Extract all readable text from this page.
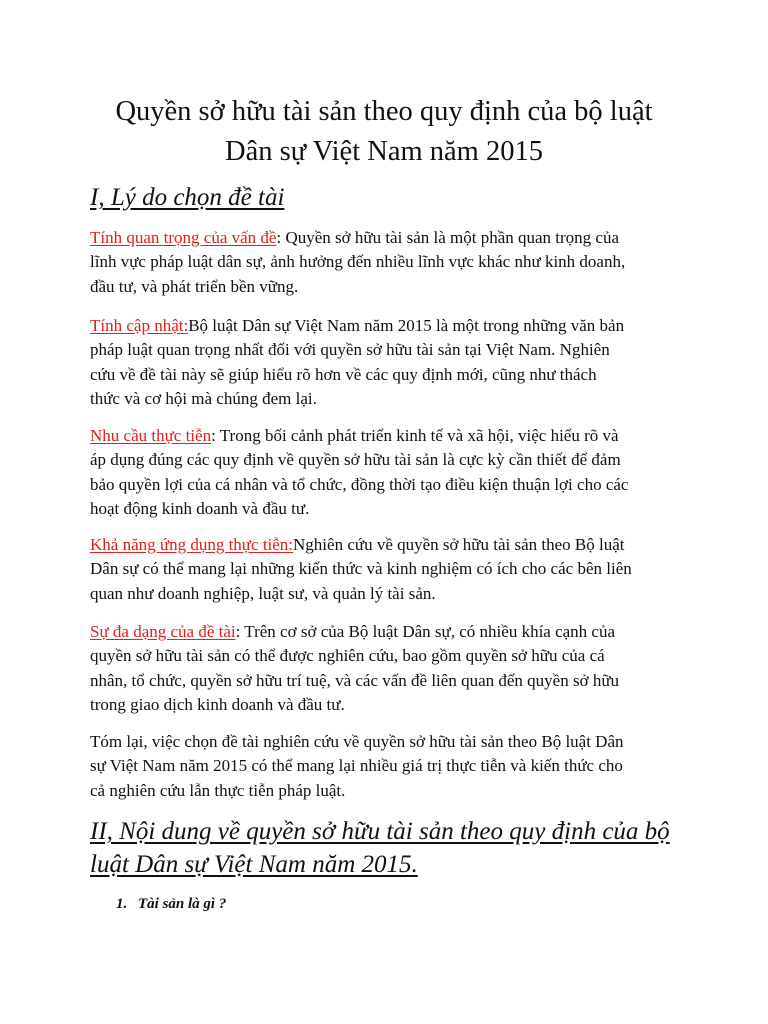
Quyền sở hữu tài sản theo quy định của bộ luật
Dân sự Việt Nam năm 2015
I, Lý do chọn đề tài
Tính quan trọng của vấn đề: Quyền sở hữu tài sản là một phần quan trọng của
lĩnh vực pháp luật dân sự, ảnh hưởng đến nhiều lĩnh vực khác như kinh doanh,
đầu tư, và phát triển bền vững.
Tính cập nhật:Bộ luật Dân sự Việt Nam năm 2015 là một trong những văn bản
pháp luật quan trọng nhất đối với quyền sở hữu tài sản tại Việt Nam. Nghiên
cứu về đề tài này sẽ giúp hiểu rõ hơn về các quy định mới, cũng như thách
thức và cơ hội mà chúng đem lại.
Nhu cầu thực tiễn: Trong bối cảnh phát triển kinh tế và xã hội, việc hiểu rõ và
áp dụng đúng các quy định về quyền sở hữu tài sản là cực kỳ cần thiết để đảm
bảo quyền lợi của cá nhân và tổ chức, đồng thời tạo điều kiện thuận lợi cho các
hoạt động kinh doanh và đầu tư.
Khả năng ứng dụng thực tiễn:Nghiên cứu về quyền sở hữu tài sản theo Bộ luật
Dân sự có thể mang lại những kiến thức và kinh nghiệm có ích cho các bên liên
quan như doanh nghiệp, luật sư, và quản lý tài sản.
Sự đa dạng của đề tài: Trên cơ sở của Bộ luật Dân sự, có nhiều khía cạnh của
quyền sở hữu tài sản có thể được nghiên cứu, bao gồm quyền sở hữu của cá
nhân, tổ chức, quyền sở hữu trí tuệ, và các vấn đề liên quan đến quyền sở hữu
trong giao dịch kinh doanh và đầu tư.
Tóm lại, việc chọn đề tài nghiên cứu về quyền sở hữu tài sản theo Bộ luật Dân
sự Việt Nam năm 2015 có thể mang lại nhiều giá trị thực tiễn và kiến thức cho
cả nghiên cứu lẫn thực tiễn pháp luật.
II, Nội dung về quyền sở hữu tài sản theo quy định của bộ
luật Dân sự Việt Nam năm 2015.
1. Tài sản là gì ?
